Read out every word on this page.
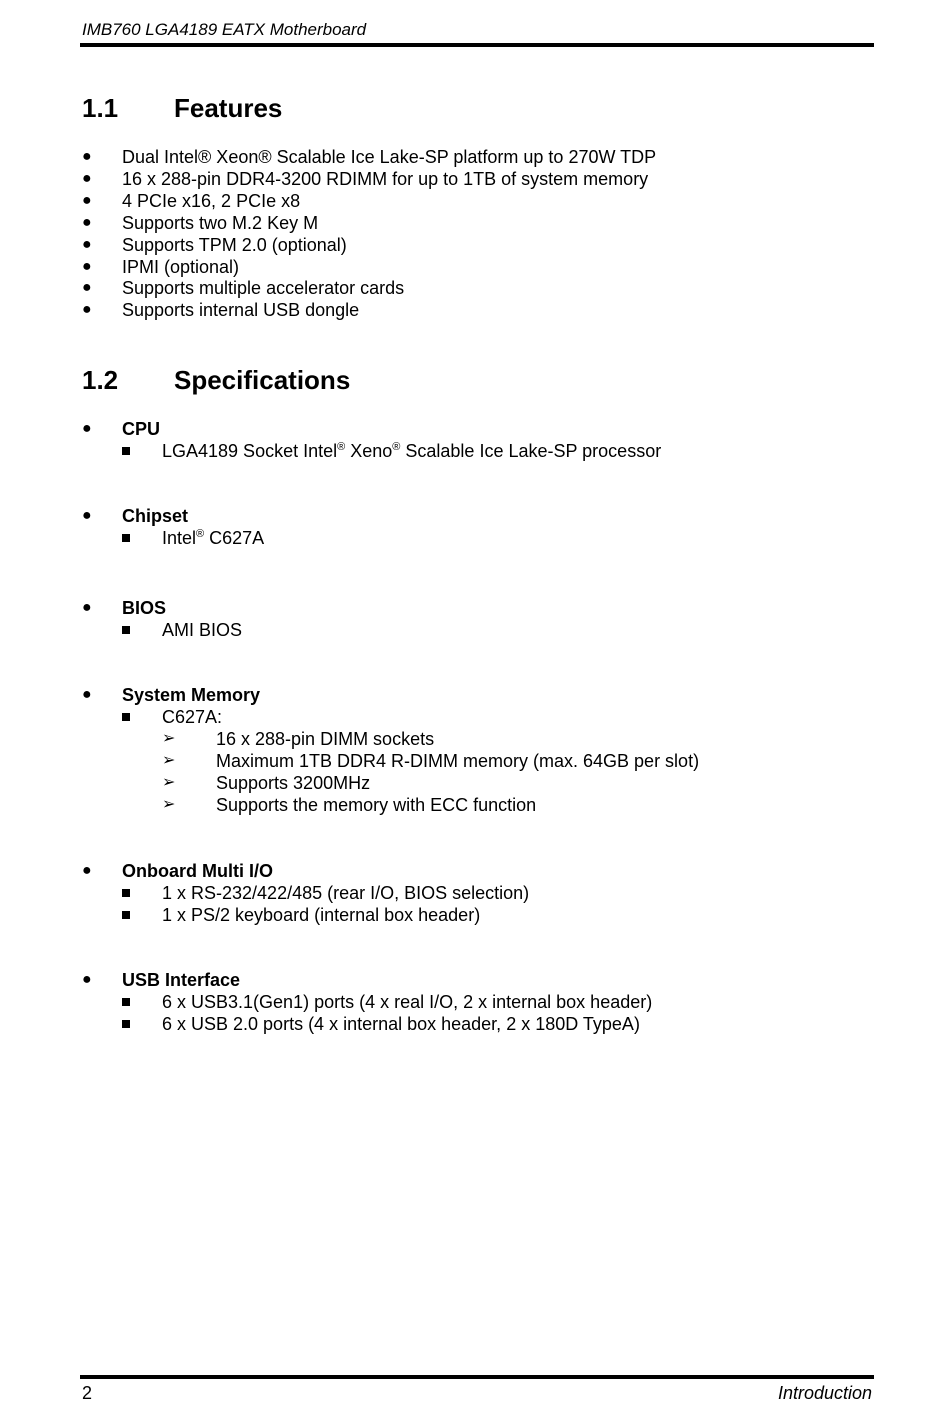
IMB760 LGA4189 EATX Motherboard
1.1 Features
● Dual Intel® Xeon® Scalable Ice Lake-SP platform up to 270W TDP
● 16 x 288-pin DDR4-3200 RDIMM for up to 1TB of system memory
● 4 PCIe x16, 2 PCIe x8
● Supports two M.2 Key M
● Supports TPM 2.0 (optional)
● IPMI (optional)
● Supports multiple accelerator cards
● Supports internal USB dongle
1.2 Specifications
● CPU
LGA4189 Socket Intel® Xeno® Scalable Ice Lake-SP processor
● Chipset
Intel® C627A
● BIOS
AMI BIOS
● System Memory
C627A:
➢ 16 x 288-pin DIMM sockets
➢ Maximum 1TB DDR4 R-DIMM memory (max. 64GB per slot)
➢ Supports 3200MHz
➢ Supports the memory with ECC function
● Onboard Multi I/O
1 x RS-232/422/485 (rear I/O, BIOS selection)
1 x PS/2 keyboard (internal box header)
● USB Interface
6 x USB3.1(Gen1) ports (4 x real I/O, 2 x internal box header)
6 x USB 2.0 ports (4 x internal box header, 2 x 180D TypeA)
2	Introduction
